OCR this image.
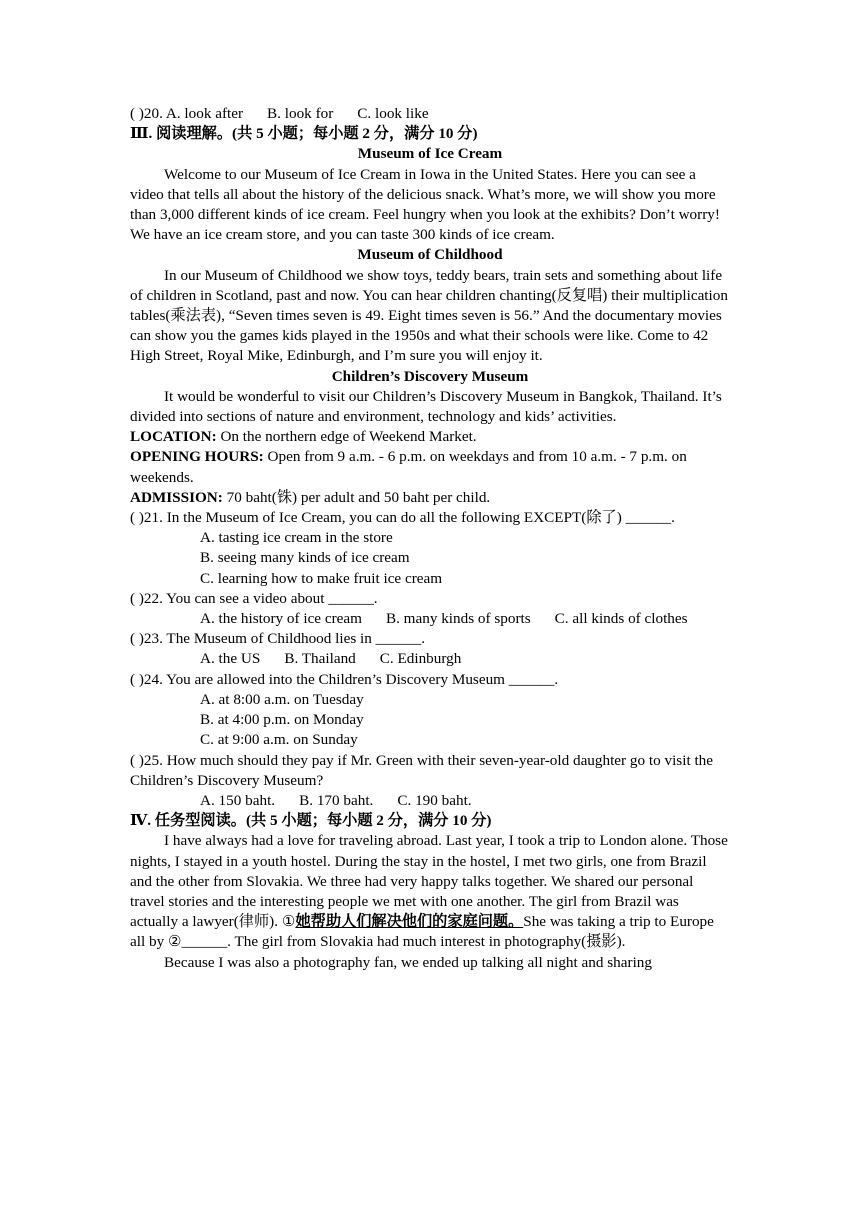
( )20. A. look after B. look for C. look like

Ⅲ. 阅读理解。(共 5 小题；每小题 2 分，满分 10 分)

Museum of Ice Cream

Welcome to our Museum of Ice Cream in Iowa in the United States. Here you can see a video that tells all about the history of the delicious snack. What’s more, we will show you more than 3,000 different kinds of ice cream. Feel hungry when you look at the exhibits? Don’t worry! We have an ice cream store, and you can taste 300 kinds of ice cream.

Museum of Childhood

In our Museum of Childhood we show toys, teddy bears, train sets and something about life of children in Scotland, past and now. You can hear children chanting(反复唱) their multiplication tables(乘法表), “Seven times seven is 49. Eight times seven is 56.” And the documentary movies can show you the games kids played in the 1950s and what their schools were like. Come to 42 High Street, Royal Mike, Edinburgh, and I’m sure you will enjoy it.

Children’s Discovery Museum

It would be wonderful to visit our Children’s Discovery Museum in Bangkok, Thailand. It’s divided into sections of nature and environment, technology and kids’ activities.

LOCATION: On the northern edge of Weekend Market.

OPENING HOURS: Open from 9 a.m. - 6 p.m. on weekdays and from 10 a.m. - 7 p.m. on weekends.

ADMISSION: 70 baht(铢) per adult and 50 baht per child.

( )21. In the Museum of Ice Cream, you can do all the following EXCEPT(除了) ______.

A. tasting ice cream in the store

B. seeing many kinds of ice cream

C. learning how to make fruit ice cream

( )22. You can see a video about ______.

A. the history of ice cream B. many kinds of sports C. all kinds of clothes

( )23. The Museum of Childhood lies in ______.

A. the US B. Thailand C. Edinburgh

( )24. You are allowed into the Children’s Discovery Museum ______.

A. at 8:00 a.m. on Tuesday

B. at 4:00 p.m. on Monday

C. at 9:00 a.m. on Sunday

( )25. How much should they pay if Mr. Green with their seven-year-old daughter go to visit the Children’s Discovery Museum?

A. 150 baht. B. 170 baht. C. 190 baht.

Ⅳ. 任务型阅读。(共 5 小题；每小题 2 分，满分 10 分)

I have always had a love for traveling abroad. Last year, I took a trip to London alone. Those nights, I stayed in a youth hostel. During the stay in the hostel, I met two girls, one from Brazil and the other from Slovakia. We three had very happy talks together. We shared our personal travel stories and the interesting people we met with one another. The girl from Brazil was actually a lawyer(律师). ①她帮助人们解决他们的家庭问题。She was taking a trip to Europe all by ②______. The girl from Slovakia had much interest in photography(摄影).

Because I was also a photography fan, we ended up talking all night and sharing
